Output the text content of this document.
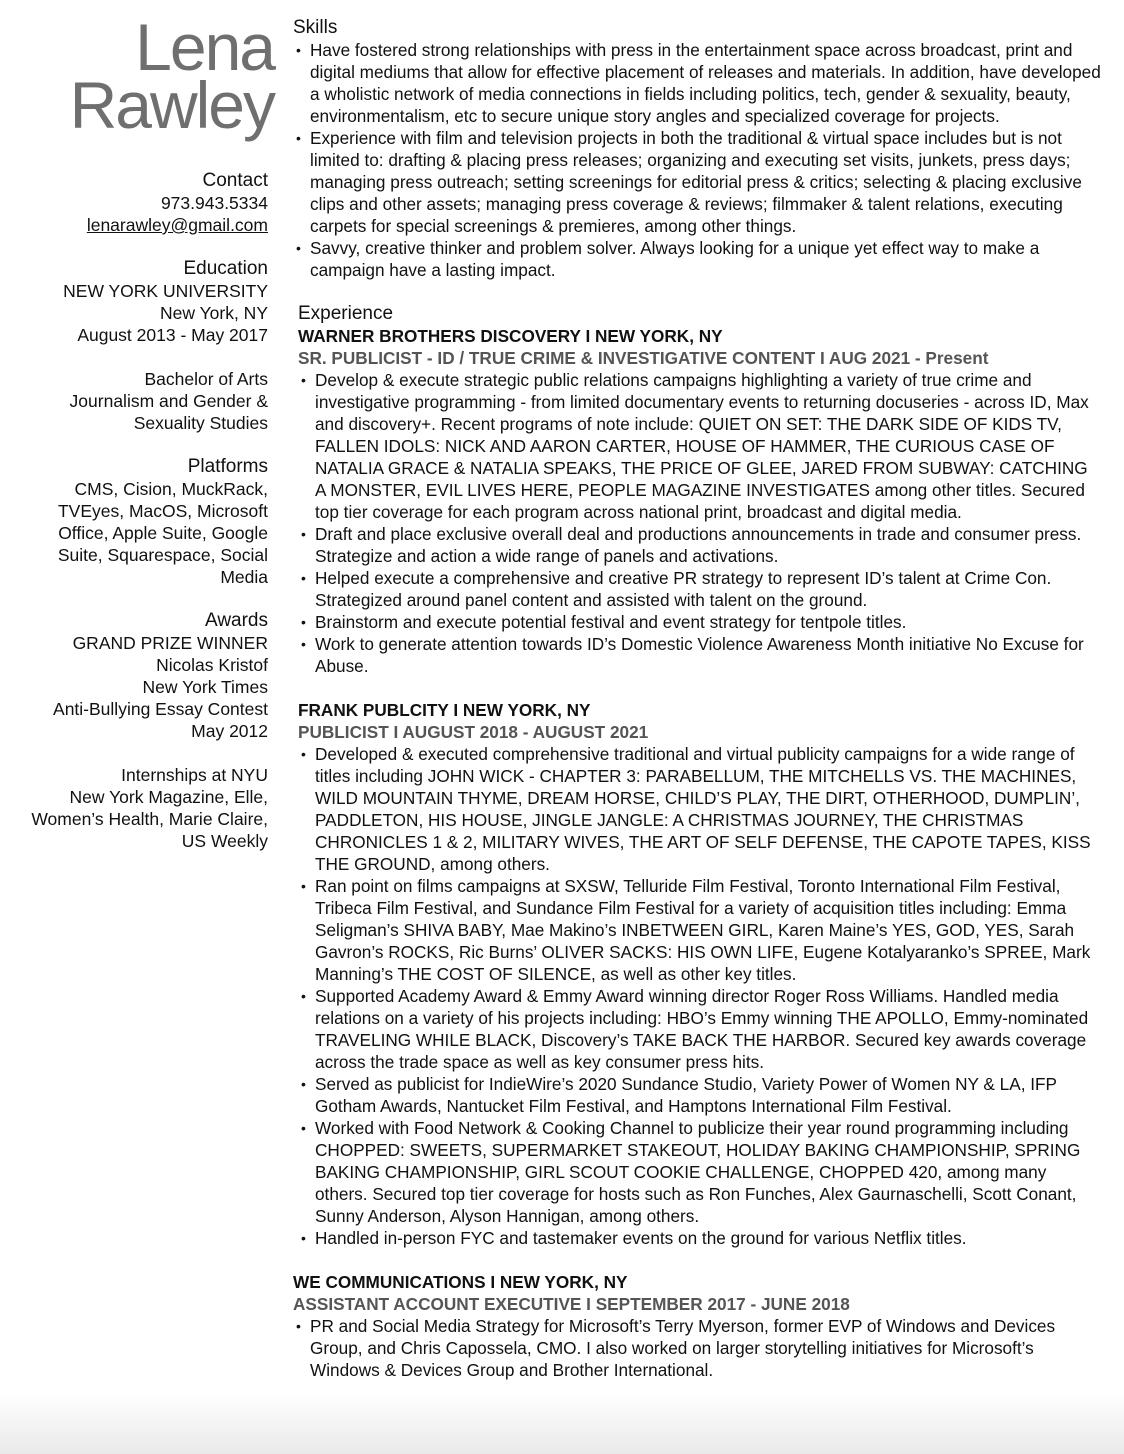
Lena
Rawley
Contact
973.943.5334
lenarawley@gmail.com
Education
NEW YORK UNIVERSITY
New York, NY
August 2013 - May 2017
Bachelor of Arts
Journalism and Gender &
Sexuality Studies
Platforms
CMS, Cision, MuckRack, TVEyes, MacOS, Microsoft Office, Apple Suite, Google Suite, Squarespace, Social Media
Awards
GRAND PRIZE WINNER
Nicolas Kristof
New York Times
Anti-Bullying Essay Contest
May 2012
Internships at NYU
New York Magazine, Elle,
Women’s Health, Marie Claire,
US Weekly
Skills
• Have fostered strong relationships with press in the entertainment space across broadcast, print and digital mediums that allow for effective placement of releases and materials. In addition, have developed a wholistic network of media connections in fields including politics, tech, gender & sexuality, beauty, environmentalism, etc to secure unique story angles and specialized coverage for projects.
• Experience with film and television projects in both the traditional & virtual space includes but is not limited to: drafting & placing press releases; organizing and executing set visits, junkets, press days; managing press outreach; setting screenings for editorial press & critics; selecting & placing exclusive clips and other assets; managing press coverage & reviews; filmmaker & talent relations, executing carpets for special screenings & premieres, among other things.
• Savvy, creative thinker and problem solver. Always looking for a unique yet effect way to make a campaign have a lasting impact.
Experience
WARNER BROTHERS DISCOVERY I NEW YORK, NY
SR. PUBLICIST - ID / TRUE CRIME & INVESTIGATIVE CONTENT I AUG 2021 - Present
• Develop & execute strategic public relations campaigns highlighting a variety of true crime and investigative programming - from limited documentary events to returning docuseries - across ID, Max and discovery+. Recent programs of note include: QUIET ON SET: THE DARK SIDE OF KIDS TV, FALLEN IDOLS: NICK AND AARON CARTER, HOUSE OF HAMMER, THE CURIOUS CASE OF NATALIA GRACE & NATALIA SPEAKS, THE PRICE OF GLEE, JARED FROM SUBWAY: CATCHING A MONSTER, EVIL LIVES HERE, PEOPLE MAGAZINE INVESTIGATES among other titles. Secured top tier coverage for each program across national print, broadcast and digital media.
• Draft and place exclusive overall deal and productions announcements in trade and consumer press. Strategize and action a wide range of panels and activations.
• Helped execute a comprehensive and creative PR strategy to represent ID’s talent at Crime Con. Strategized around panel content and assisted with talent on the ground.
• Brainstorm and execute potential festival and event strategy for tentpole titles.
• Work to generate attention towards ID’s Domestic Violence Awareness Month initiative No Excuse for Abuse.
FRANK PUBLCITY I NEW YORK, NY
PUBLICIST I AUGUST 2018 - AUGUST 2021
• Developed & executed comprehensive traditional and virtual publicity campaigns for a wide range of titles including JOHN WICK - CHAPTER 3: PARABELLUM, THE MITCHELLS VS. THE MACHINES, WILD MOUNTAIN THYME, DREAM HORSE, CHILD’S PLAY, THE DIRT, OTHERHOOD, DUMPLIN’, PADDLETON, HIS HOUSE, JINGLE JANGLE: A CHRISTMAS JOURNEY, THE CHRISTMAS CHRONICLES 1 & 2, MILITARY WIVES, THE ART OF SELF DEFENSE, THE CAPOTE TAPES, KISS THE GROUND, among others.
• Ran point on films campaigns at SXSW, Telluride Film Festival, Toronto International Film Festival, Tribeca Film Festival, and Sundance Film Festival for a variety of acquisition titles including: Emma Seligman’s SHIVA BABY, Mae Makino’s INBETWEEN GIRL, Karen Maine’s YES, GOD, YES, Sarah Gavron’s ROCKS, Ric Burns’ OLIVER SACKS: HIS OWN LIFE, Eugene Kotalyaranko’s SPREE, Mark Manning’s THE COST OF SILENCE, as well as other key titles.
• Supported Academy Award & Emmy Award winning director Roger Ross Williams. Handled media relations on a variety of his projects including: HBO’s Emmy winning THE APOLLO, Emmy-nominated TRAVELING WHILE BLACK, Discovery’s TAKE BACK THE HARBOR. Secured key awards coverage across the trade space as well as key consumer press hits.
• Served as publicist for IndieWire’s 2020 Sundance Studio, Variety Power of Women NY & LA, IFP Gotham Awards, Nantucket Film Festival, and Hamptons International Film Festival.
• Worked with Food Network & Cooking Channel to publicize their year round programming including CHOPPED: SWEETS, SUPERMARKET STAKEOUT, HOLIDAY BAKING CHAMPIONSHIP, SPRING BAKING CHAMPIONSHIP, GIRL SCOUT COOKIE CHALLENGE, CHOPPED 420, among many others. Secured top tier coverage for hosts such as Ron Funches, Alex Gaurnaschelli, Scott Conant, Sunny Anderson, Alyson Hannigan, among others.
• Handled in-person FYC and tastemaker events on the ground for various Netflix titles.
WE COMMUNICATIONS I NEW YORK, NY
ASSISTANT ACCOUNT EXECUTIVE I SEPTEMBER 2017 - JUNE 2018
• PR and Social Media Strategy for Microsoft’s Terry Myerson, former EVP of Windows and Devices Group, and Chris Capossela, CMO. I also worked on larger storytelling initiatives for Microsoft’s Windows & Devices Group and Brother International.
